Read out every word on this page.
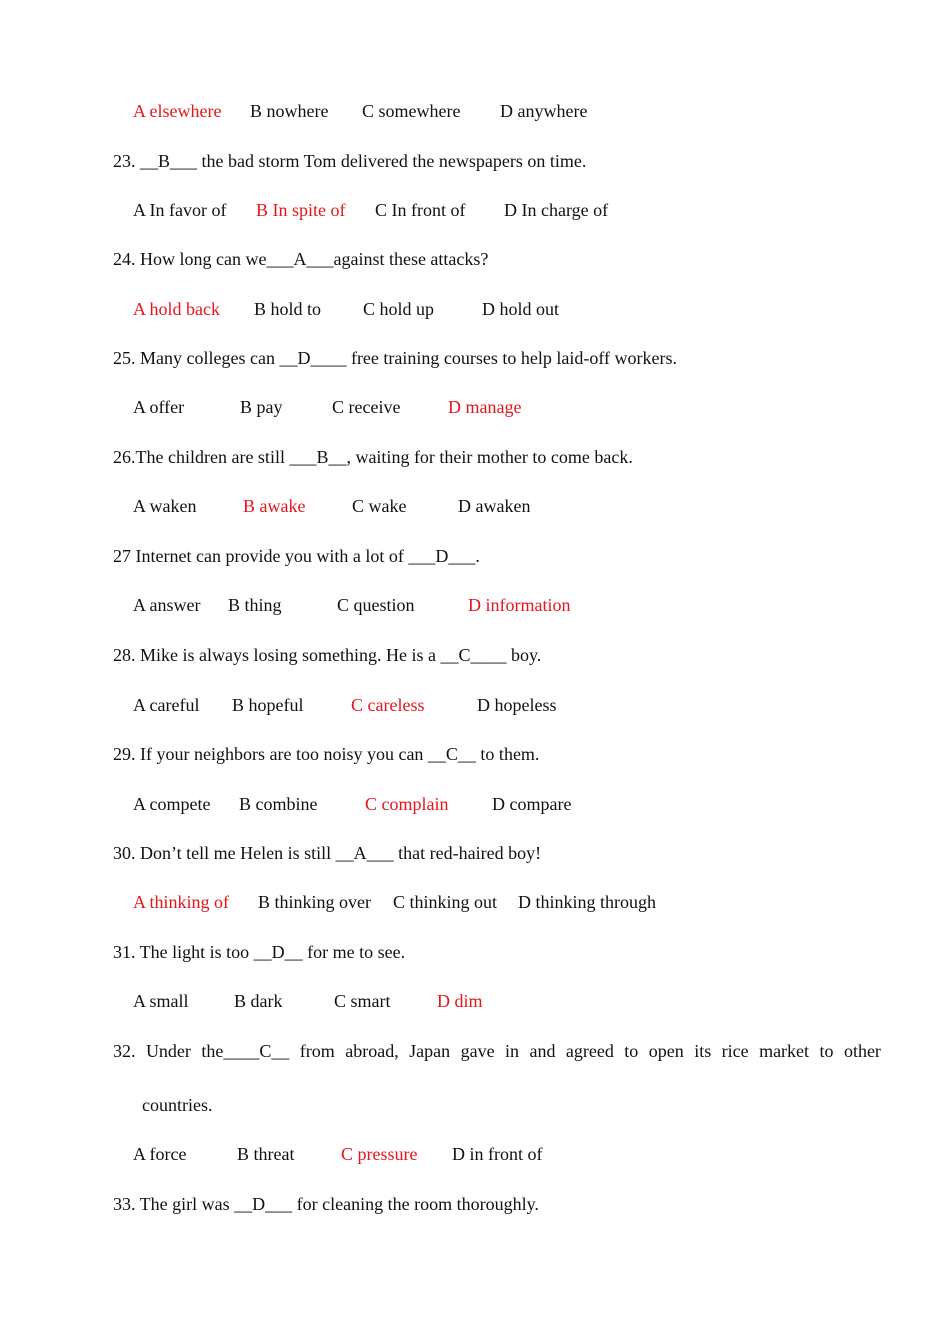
A elsewhere B nowhere C somewhere D anywhere
23. __B___ the bad storm Tom delivered the newspapers on time.
A In favor of B In spite of C In front of D In charge of
24. How long can we___A___against these attacks?
A hold back B hold to C hold up	D hold out
25. Many colleges can __D____ free training courses to help laid-off workers.
A offer	B pay	C receive	D manage
26.The children are still ___B__, waiting for their mother to come back.
A waken	B awake	C wake	D awaken
27 Internet can provide you with a lot of ___D___.
A answer B thing	C question	D information
28. Mike is always losing something. He is a __C____ boy.
A careful B hopeful	C careless	D hopeless
29. If your neighbors are too noisy you can __C__ to them.
A compete B combine	C complain D compare
30. Don’t tell me Helen is still __A___ that red-haired boy!
A thinking of B thinking over C thinking out D thinking through
31. The light is too __D__ for me to see.
A small	B dark	C smart	D dim
32. Under the____C__ from abroad, Japan gave in and agreed to open its rice market to other
countries.
A force	B threat	C pressure D in front of
33. The girl was __D___ for cleaning the room thoroughly.
